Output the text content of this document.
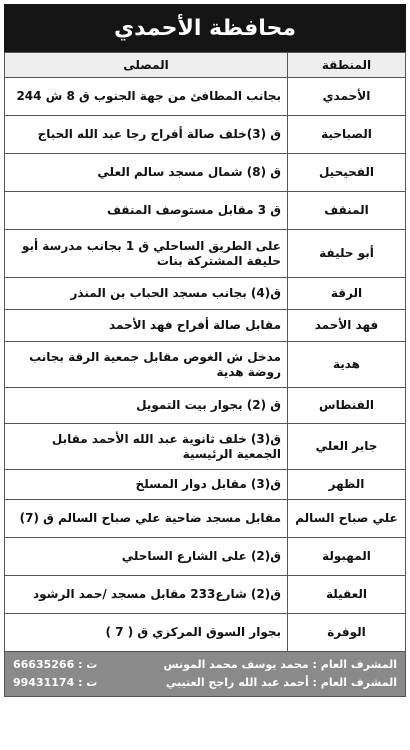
محافظة الأحمدي
المنطقة	المصلى
الأحمدي	بجانب المطافئ من جهة الجنوب ق 8 ش 244
الصباحية	ق (3)خلف صالة أفراح رجا عبد الله الحباج
الفحيحيل	ق (8) شمال مسجد سالم العلي
المنقف	ق 3 مقابل مستوصف المنقف
أبو حليفة	على الطريق الساحلي ق 1 بجانب مدرسة أبو حليفة المشتركة بنات
الرقة	ق(4) بجانب مسجد الحباب بن المنذر
فهد الأحمد	مقابل صالة أفراح فهد الأحمد
هدية	مدخل ش الغوص مقابل جمعية الرقة بجانب روضة هدية
الفنطاس	ق (2) بجوار بيت التمويل
جابر العلي	ق(3) خلف ثانوية عبد الله الأحمد مقابل الجمعية الرئيسية
الظهر	ق(3) مقابل دوار المسلخ
علي صباح السالم	مقابل مسجد ضاحية علي صباح السالم ق (7)
المهبولة	ق(2) على الشارع الساحلي
العقيلة	ق(2) شارع233 مقابل مسجد /حمد الرشود
الوفرة	بجوار السوق المركزي ق ( 7 )
المشرف العام : محمد يوسف محمد المونس
ت : 66635266
المشرف العام : أحمد عبد الله راجح العتيبي
ت : 99431174
